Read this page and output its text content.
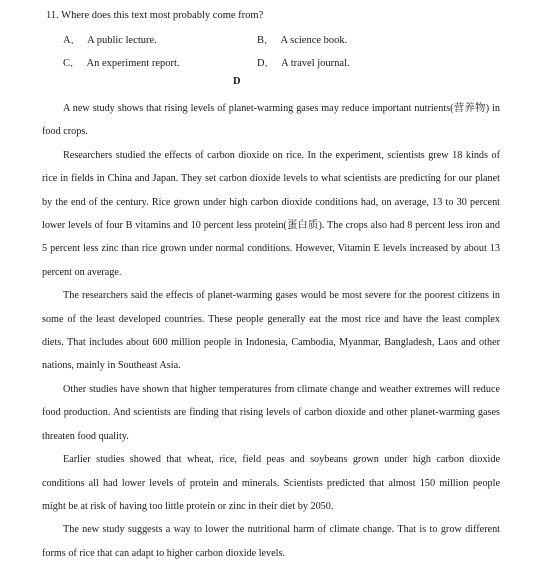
11. Where does this text most probably come from?
A． A public lecture.	B． A science book.
C． An experiment report.	D． A travel journal.
D

A new study shows that rising levels of planet-warming gases may reduce important nutrients(营养物) in food crops.

Researchers studied the effects of carbon dioxide on rice. In the experiment, scientists grew 18 kinds of rice in fields in China and Japan. They set carbon dioxide levels to what scientists are predicting for our planet by the end of the century. Rice grown under high carbon dioxide conditions had, on average, 13 to 30 percent lower levels of four B vitamins and 10 percent less protein(蛋白质). The crops also had 8 percent less iron and 5 percent less zinc than rice grown under normal conditions. However, Vitamin E levels increased by about 13 percent on average.

The researchers said the effects of planet-warming gases would be most severe for the poorest citizens in some of the least developed countries. These people generally eat the most rice and have the least complex diets. That includes about 600 million people in Indonesia, Cambodia, Myanmar, Bangladesh, Laos and other nations, mainly in Southeast Asia.

Other studies have shown that higher temperatures from climate change and weather extremes will reduce food production. And scientists are finding that rising levels of carbon dioxide and other planet-warming gases threaten food quality.

Earlier studies showed that wheat, rice, field peas and soybeans grown under high carbon dioxide conditions all had lower levels of protein and minerals. Scientists predicted that almost 150 million people might be at risk of having too little protein or zinc in their diet by 2050.

The new study suggests a way to lower the nutritional harm of climate change. That is to grow different forms of rice that can adapt to higher carbon dioxide levels.
